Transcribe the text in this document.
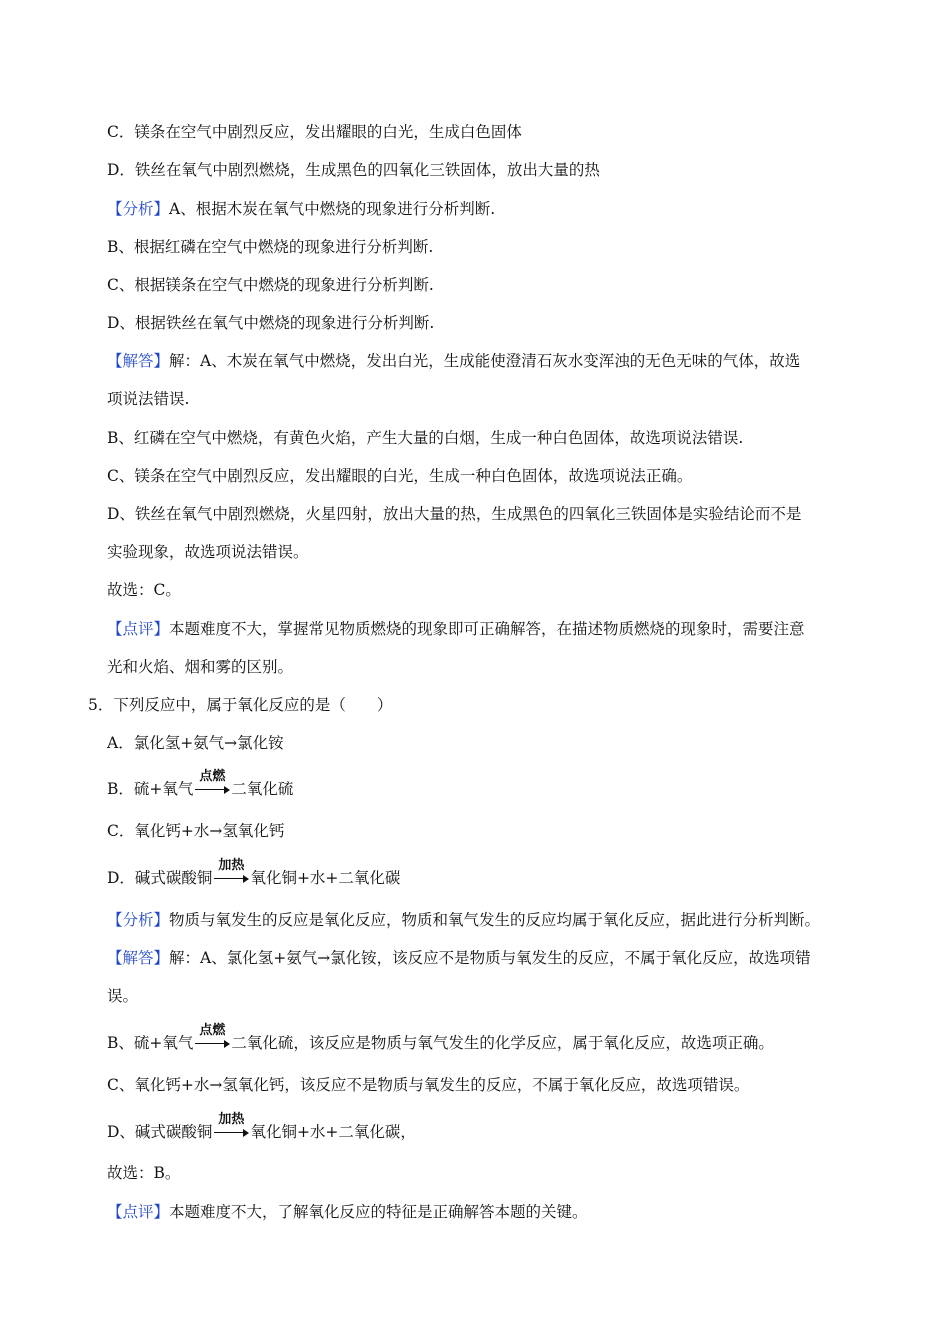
C．镁条在空气中剧烈反应，发出耀眼的白光，生成白色固体
D．铁丝在氧气中剧烈燃烧，生成黑色的四氧化三铁固体，放出大量的热
【分析】A、根据木炭在氧气中燃烧的现象进行分析判断.
B、根据红磷在空气中燃烧的现象进行分析判断.
C、根据镁条在空气中燃烧的现象进行分析判断.
D、根据铁丝在氧气中燃烧的现象进行分析判断.
【解答】解：A、木炭在氧气中燃烧，发出白光，生成能使澄清石灰水变浑浊的无色无味的气体，故选
项说法错误.
B、红磷在空气中燃烧，有黄色火焰，产生大量的白烟，生成一种白色固体，故选项说法错误.
C、镁条在空气中剧烈反应，发出耀眼的白光，生成一种白色固体，故选项说法正确。
D、铁丝在氧气中剧烈燃烧，火星四射，放出大量的热，生成黑色的四氧化三铁固体是实验结论而不是
实验现象，故选项说法错误。
故选：C。
【点评】本题难度不大，掌握常见物质燃烧的现象即可正确解答，在描述物质燃烧的现象时，需要注意
光和火焰、烟和雾的区别。
5．下列反应中，属于氧化反应的是（　　）
A．氯化氢+氨气→氯化铵
B．硫+氧气
点燃
二氧化硫
C．氧化钙+水→氢氧化钙
D．碱式碳酸铜
加热
氧化铜+水+二氧化碳
【分析】物质与氧发生的反应是氧化反应，物质和氧气发生的反应均属于氧化反应，据此进行分析判断。
【解答】解：A、氯化氢+氨气→氯化铵，该反应不是物质与氧发生的反应，不属于氧化反应，故选项错
误。
B、硫+氧气
点燃
二氧化硫，该反应是物质与氧气发生的化学反应，属于氧化反应，故选项正确。
C、氧化钙+水→氢氧化钙，该反应不是物质与氧发生的反应，不属于氧化反应，故选项错误。
D、碱式碳酸铜
加热
氧化铜+水+二氧化碳，
故选：B。
【点评】本题难度不大，了解氧化反应的特征是正确解答本题的关键。
